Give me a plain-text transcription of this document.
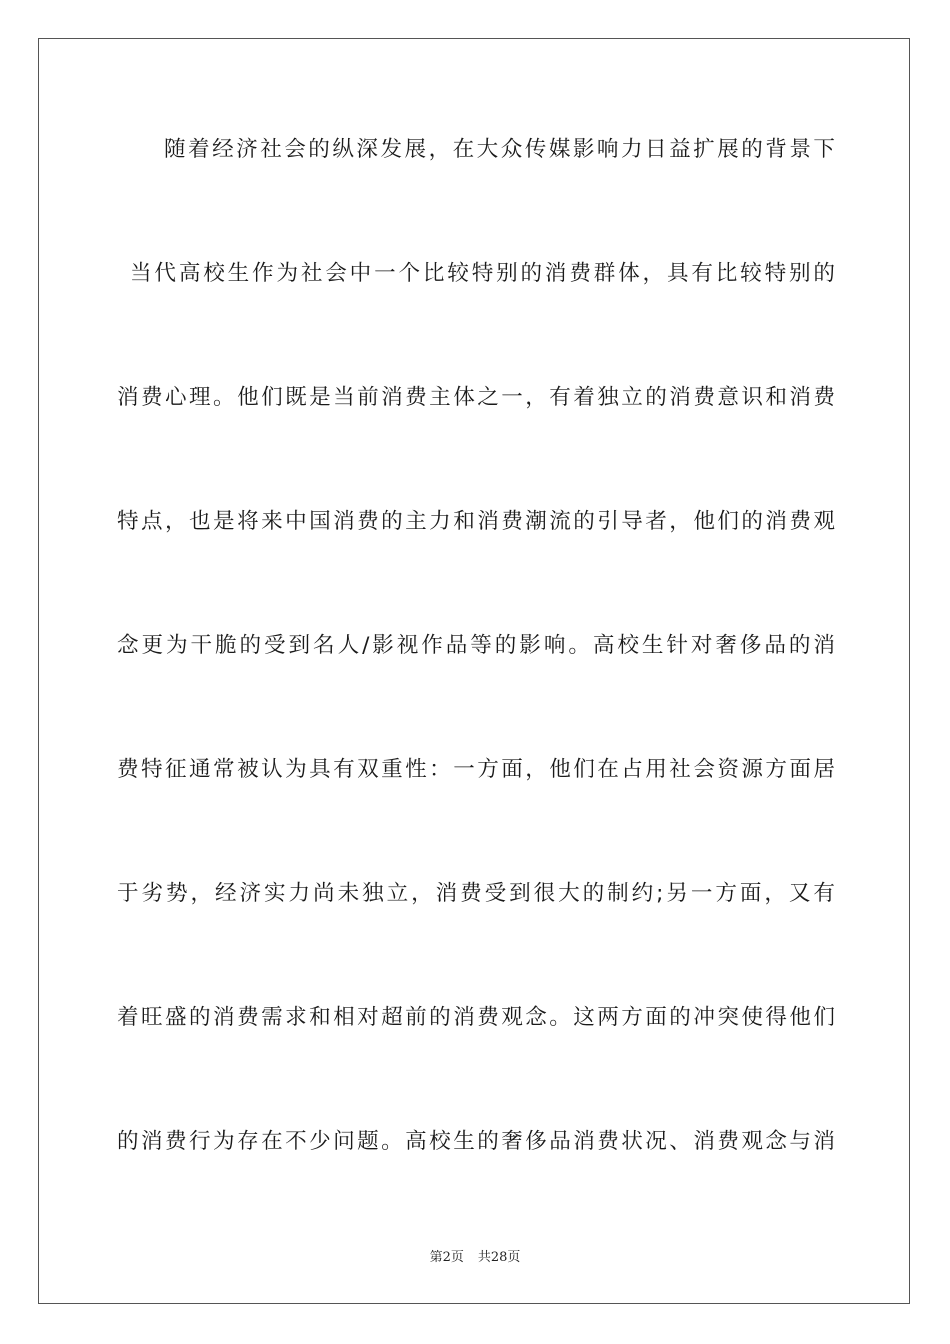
随着经济社会的纵深发展，在大众传媒影响力日益扩展的背景下
当代高校生作为社会中一个比较特别的消费群体，具有比较特别的
消费心理。他们既是当前消费主体之一，有着独立的消费意识和消费
特点，也是将来中国消费的主力和消费潮流的引导者，他们的消费观
念更为干脆的受到名人/影视作品等的影响。高校生针对奢侈品的消
费特征通常被认为具有双重性：一方面，他们在占用社会资源方面居
于劣势，经济实力尚未独立，消费受到很大的制约;另一方面，又有
着旺盛的消费需求和相对超前的消费观念。这两方面的冲突使得他们
的消费行为存在不少问题。高校生的奢侈品消费状况、消费观念与消
第2页 共28页
